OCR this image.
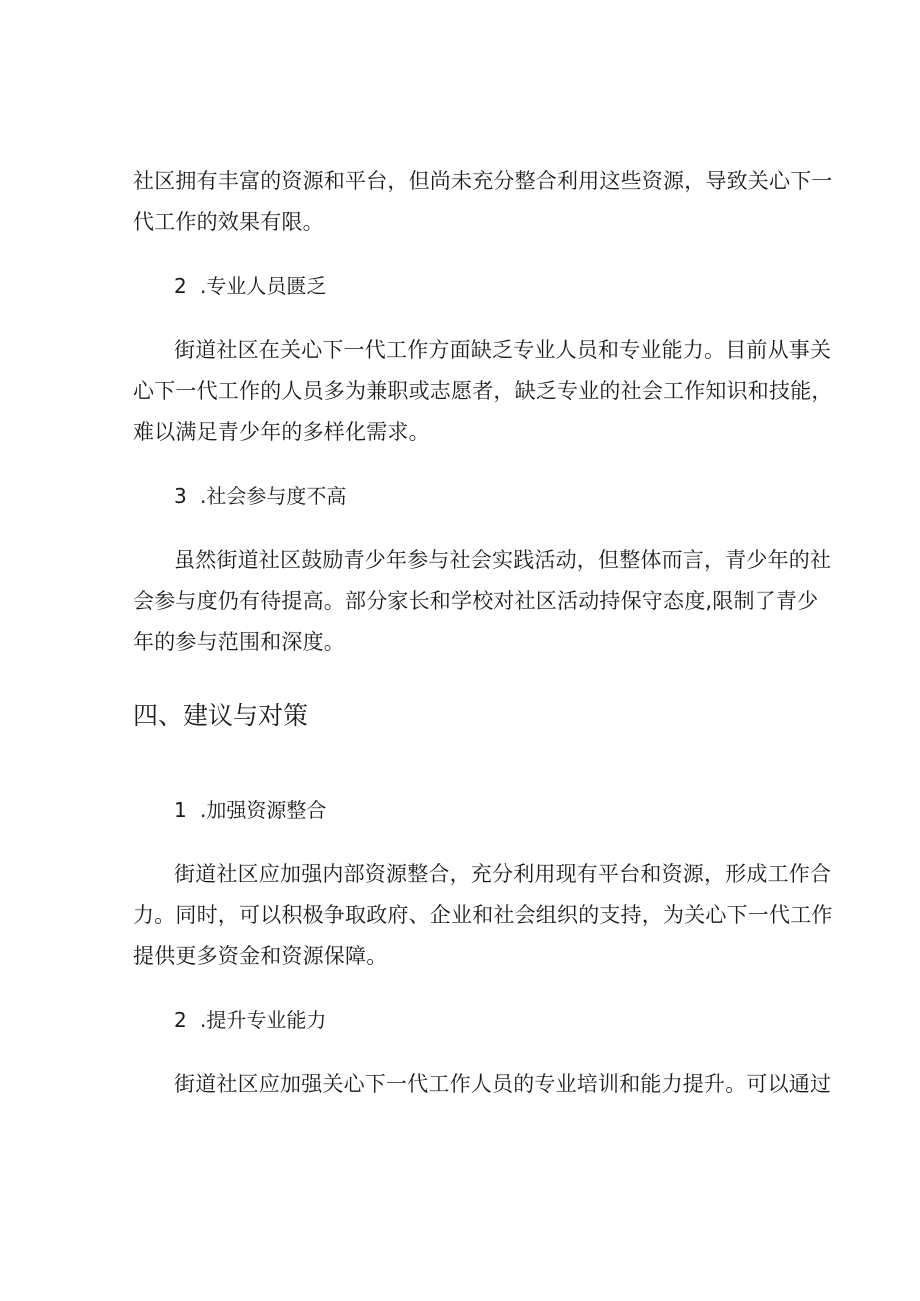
社区拥有丰富的资源和平台，但尚未充分整合利用这些资源，导致关心下一
代工作的效果有限。
2 .专业人员匮乏
街道社区在关心下一代工作方面缺乏专业人员和专业能力。目前从事关
心下一代工作的人员多为兼职或志愿者，缺乏专业的社会工作知识和技能，
难以满足青少年的多样化需求。
3 .社会参与度不高
虽然街道社区鼓励青少年参与社会实践活动，但整体而言，青少年的社
会参与度仍有待提高。部分家长和学校对社区活动持保守态度,限制了青少
年的参与范围和深度。
四、建议与对策
1 .加强资源整合
街道社区应加强内部资源整合，充分利用现有平台和资源，形成工作合
力。同时，可以积极争取政府、企业和社会组织的支持，为关心下一代工作
提供更多资金和资源保障。
2 .提升专业能力
街道社区应加强关心下一代工作人员的专业培训和能力提升。可以通过
